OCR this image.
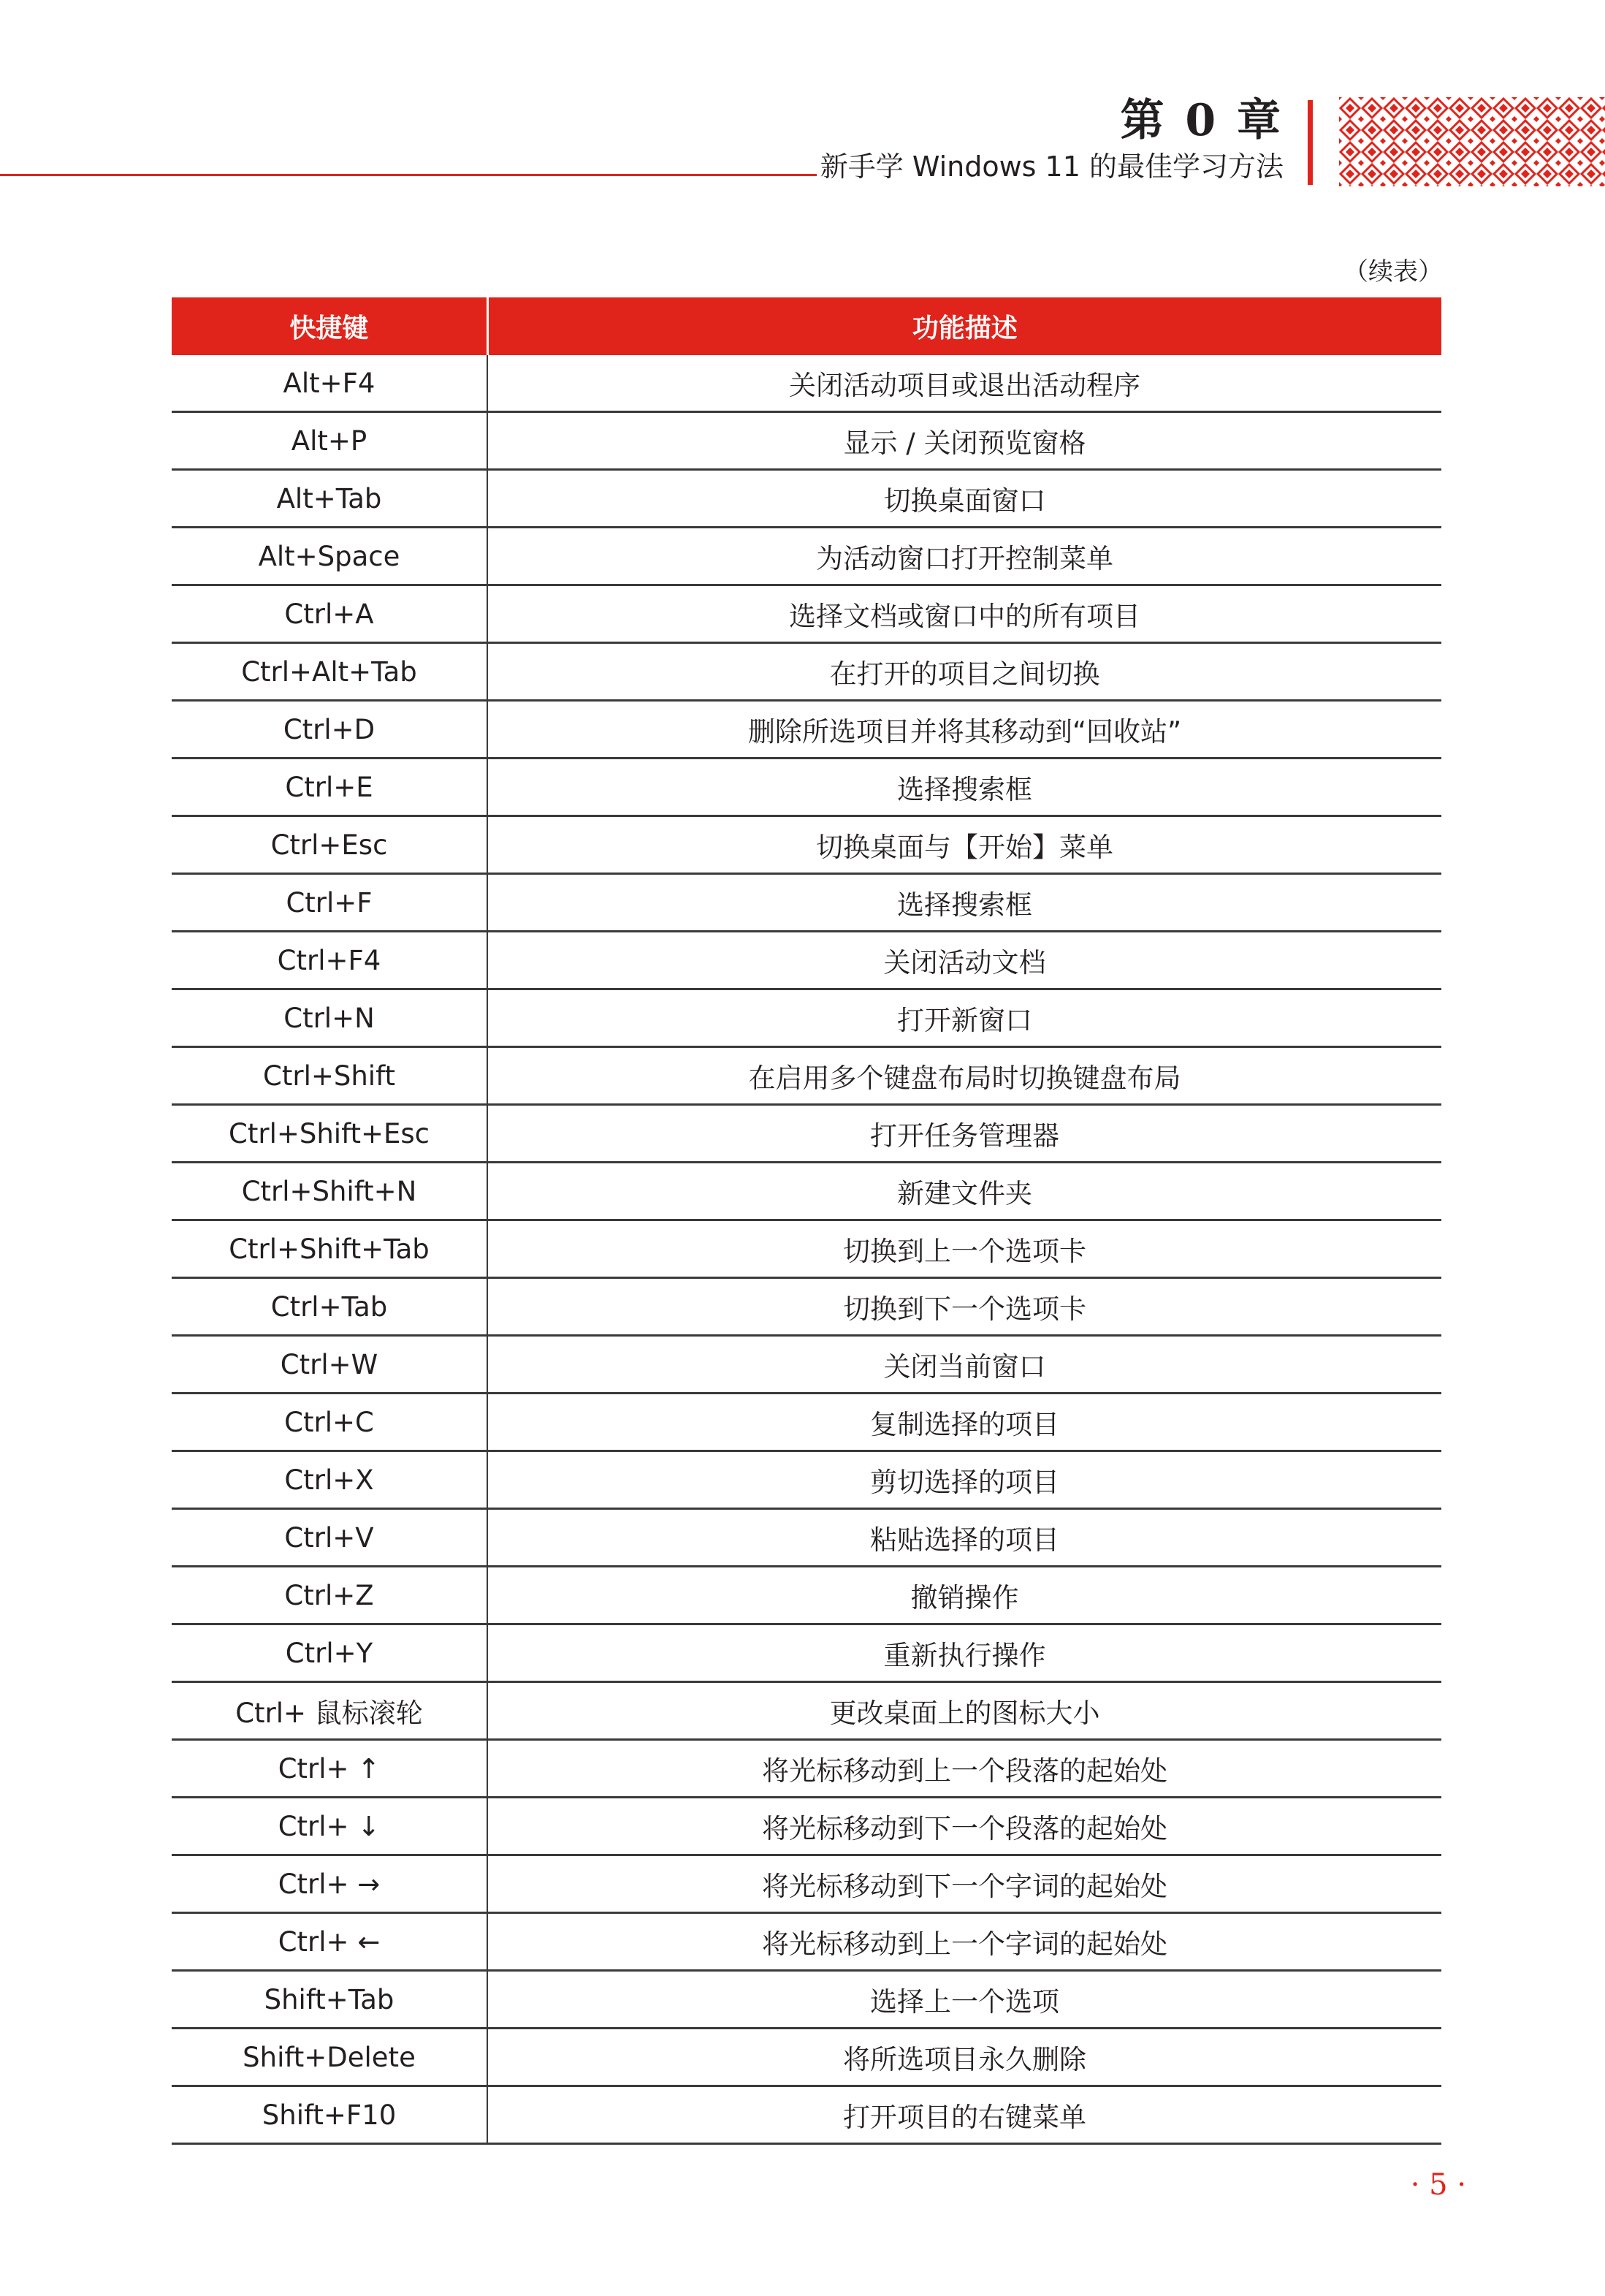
第 0 章
新手学 Windows 11 的最佳学习方法
（续表）
快捷键	功能描述
Alt+F4	关闭活动项目或退出活动程序
Alt+P	显示 / 关闭预览窗格
Alt+Tab	切换桌面窗口
Alt+Space	为活动窗口打开控制菜单
Ctrl+A	选择文档或窗口中的所有项目
Ctrl+Alt+Tab	在打开的项目之间切换
Ctrl+D	删除所选项目并将其移动到“回收站”
Ctrl+E	选择搜索框
Ctrl+Esc	切换桌面与【开始】菜单
Ctrl+F	选择搜索框
Ctrl+F4	关闭活动文档
Ctrl+N	打开新窗口
Ctrl+Shift	在启用多个键盘布局时切换键盘布局
Ctrl+Shift+Esc	打开任务管理器
Ctrl+Shift+N	新建文件夹
Ctrl+Shift+Tab	切换到上一个选项卡
Ctrl+Tab	切换到下一个选项卡
Ctrl+W	关闭当前窗口
Ctrl+C	复制选择的项目
Ctrl+X	剪切选择的项目
Ctrl+V	粘贴选择的项目
Ctrl+Z	撤销操作
Ctrl+Y	重新执行操作
Ctrl+ 鼠标滚轮	更改桌面上的图标大小
Ctrl+ ↑	将光标移动到上一个段落的起始处
Ctrl+ ↓	将光标移动到下一个段落的起始处
Ctrl+ →	将光标移动到下一个字词的起始处
Ctrl+ ←	将光标移动到上一个字词的起始处
Shift+Tab	选择上一个选项
Shift+Delete	将所选项目永久删除
Shift+F10	打开项目的右键菜单
· 5 ·
